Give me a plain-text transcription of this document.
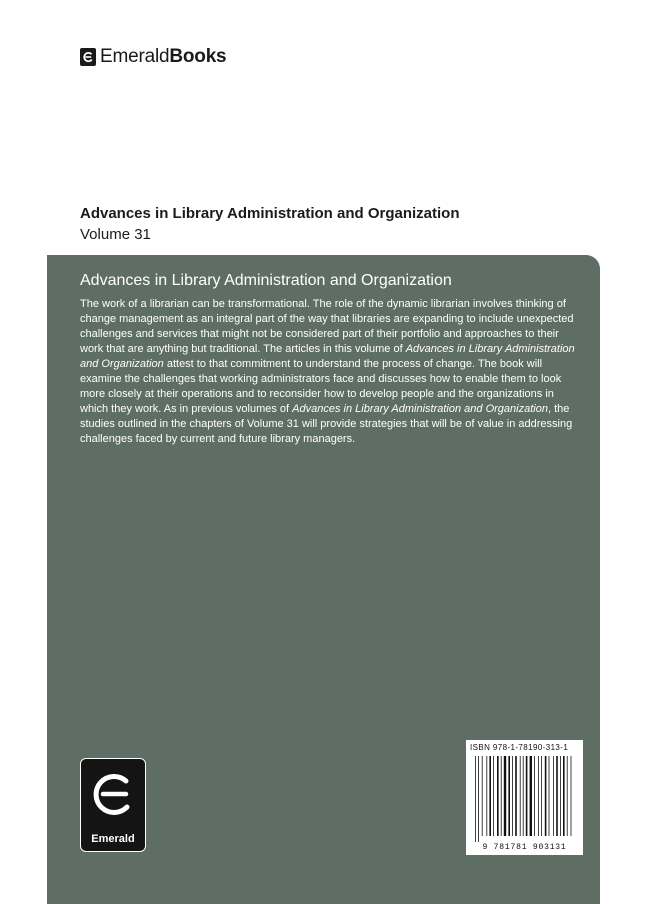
EmeraldBooks
Advances in Library Administration and Organization
Volume 31
Advances in Library Administration and Organization

The work of a librarian can be transformational. The role of the dynamic librarian involves thinking of change management as an integral part of the way that libraries are expanding to include unexpected challenges and services that might not be considered part of their portfolio and approaches to their work that are anything but traditional. The articles in this volume of Advances in Library Administration and Organization attest to that commitment to understand the process of change. The book will examine the challenges that working administrators face and discusses how to enable them to look more closely at their operations and to reconsider how to develop people and the organizations in which they work. As in previous volumes of Advances in Library Administration and Organization, the studies outlined in the chapters of Volume 31 will provide strategies that will be of value in addressing challenges faced by current and future library managers.

Emerald
ISBN 978-1-78190-313-1
9 781781 903131
